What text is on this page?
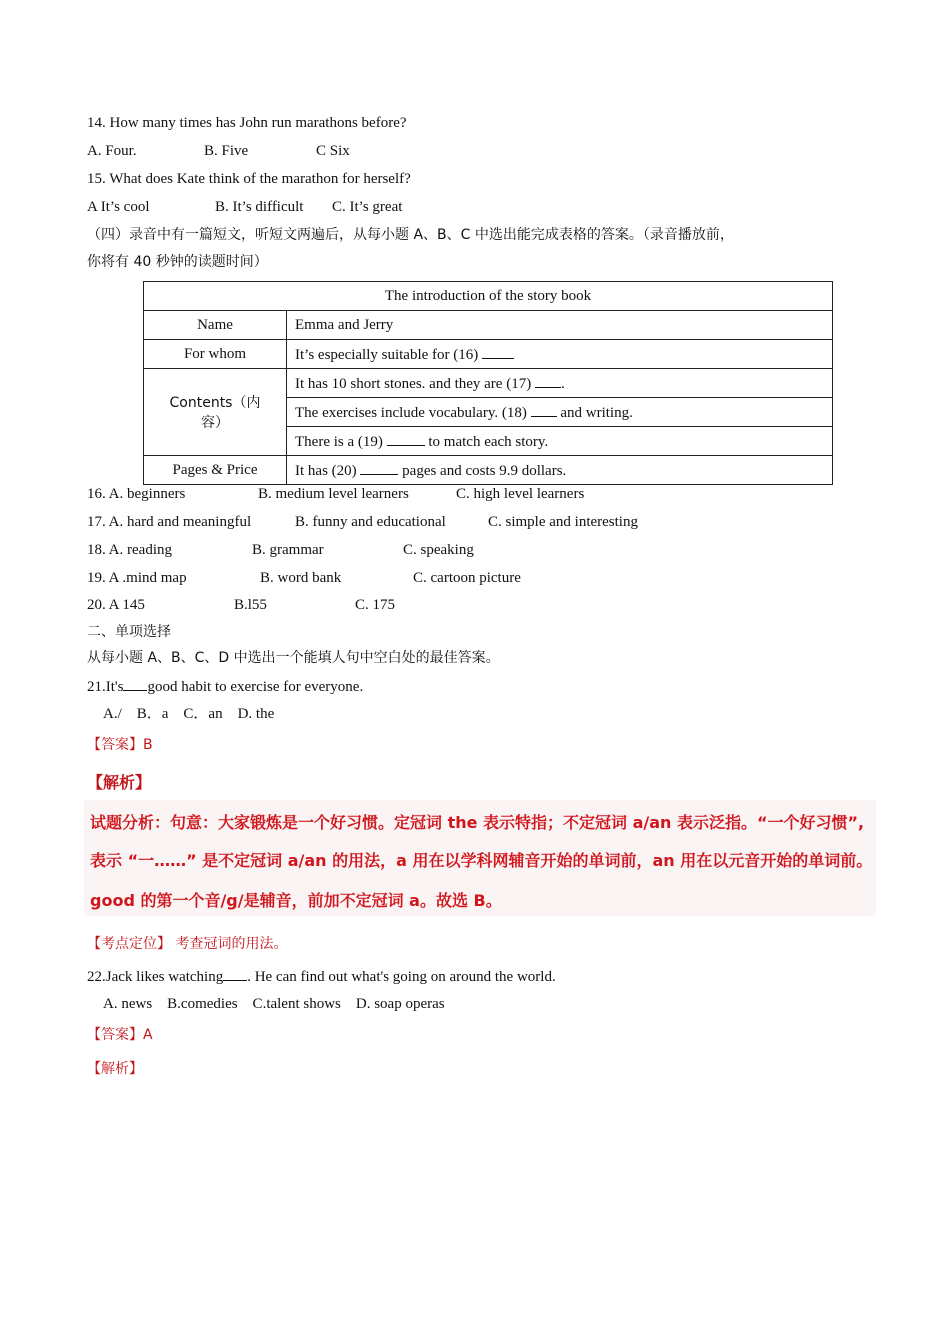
14. How many times has John run marathons before?
A. Four.	B. Five	C Six
15. What does Kate think of the marathon for herself?
A It’s cool	B. It’s difficult C. It’s great
（四）录音中有一篇短文，听短文两遍后，从每小题 A、B、C 中选出能完成表格的答案。（录音播放前，
你将有 40 秒钟的读题时间）
The introduction of the story book	
Name	Emma and Jerry
For whom	It’s especially suitable for (16)
Contents（内容）	It has 10 short stones. and they are (17) .
	The exercises include vocabulary. (18)  and writing.
	There is a (19) to match each story.
Pages & Price	It has (20) pages and costs 9.9 dollars.
16. A. beginners	B. medium level learners	C. high level learners
17. A. hard and meaningful	B. funny and educational	C. simple and interesting
18. A. reading	B. grammar	C. speaking
19. A .mind map	B. word bank	C. cartoon picture
20. A 145	B.l55	C. 175
二、单项选择
从每小题 A、B、C、D 中选出一个能填人句中空白处的最佳答案。
21.It's good habit to exercise for everyone.
A./    B．a    C．an    D. the
【答案】B
【解析】
试题分析：句意：大家锻炼是一个好习惯。定冠词 the 表示特指；不定冠词 a/an 表示泛指。“一个好习惯”,
表示 “一……” 是不定冠词 a/an 的用法，a 用在以学科网辅音开始的单词前，an 用在以元音开始的单词前。
good 的第一个音/g/是辅音，前加不定冠词 a。故选 B。
【考点定位】 考查冠词的用法。
22.Jack likes watching . He can find out what's going on around the world.
A. news    B.comedies    C.talent shows    D. soap operas
【答案】A
【解析】
